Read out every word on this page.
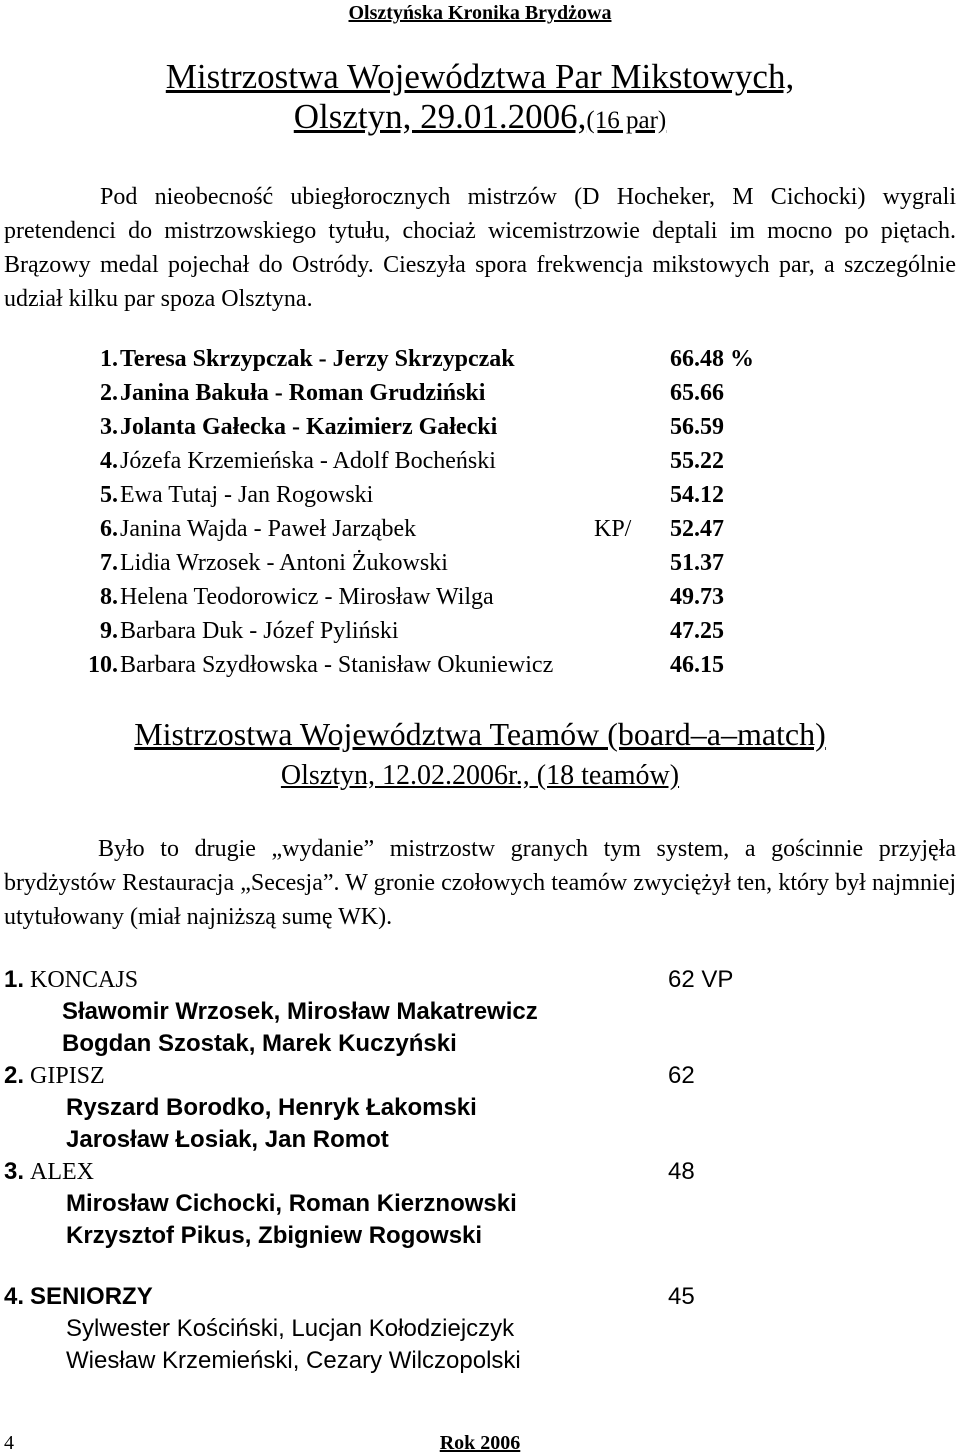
Olsztyńska Kronika Brydżowa
Mistrzostwa Województwa Par Mikstowych,
Olsztyn, 29.01.2006,(16 par)
Pod nieobecność ubiegłorocznych mistrzów (D Hocheker, M Cichocki) wygrali pretendenci do mistrzowskiego tytułu, chociaż wicemistrzowie deptali im mocno po piętach. Brązowy medal pojechał do Ostródy. Cieszyła spora frekwencja mikstowych par, a szczególnie udział kilku par spoza Olsztyna.
1. Teresa Skrzypczak - Jerzy Skrzypczak	66.48 %
2. Janina Bakuła - Roman Grudziński	65.66
3. Jolanta Gałecka - Kazimierz Gałecki	56.59
4. Józefa Krzemieńska - Adolf Bocheński	55.22
5. Ewa Tutaj - Jan Rogowski	54.12
6. Janina Wajda - Paweł Jarząbek	KP/ 52.47
7. Lidia Wrzosek - Antoni Żukowski	51.37
8. Helena Teodorowicz - Mirosław Wilga	49.73
9. Barbara Duk - Józef Pyliński	47.25
10. Barbara Szydłowska - Stanisław Okuniewicz	46.15
Mistrzostwa Województwa Teamów (board–a–match)
Olsztyn, 12.02.2006r., (18 teamów)
Było to drugie „wydanie” mistrzostw granych tym system, a gościnnie przyjęła brydżystów Restauracja „Secesja”. W gronie czołowych teamów zwyciężył ten, który był najmniej utytułowany (miał najniższą sumę WK).
1. KONCAJS	62 VP
Sławomir Wrzosek, Mirosław Makatrewicz
Bogdan Szostak, Marek Kuczyński
2. GIPISZ	62
Ryszard Borodko, Henryk Łakomski
Jarosław Łosiak, Jan Romot
3. ALEX	48
Mirosław Cichocki, Roman Kierznowski
Krzysztof Pikus, Zbigniew Rogowski
4. SENIORZY	45
Sylwester Kościński, Lucjan Kołodziejczyk
Wiesław Krzemieński, Cezary Wilczopolski
4	Rok 2006
